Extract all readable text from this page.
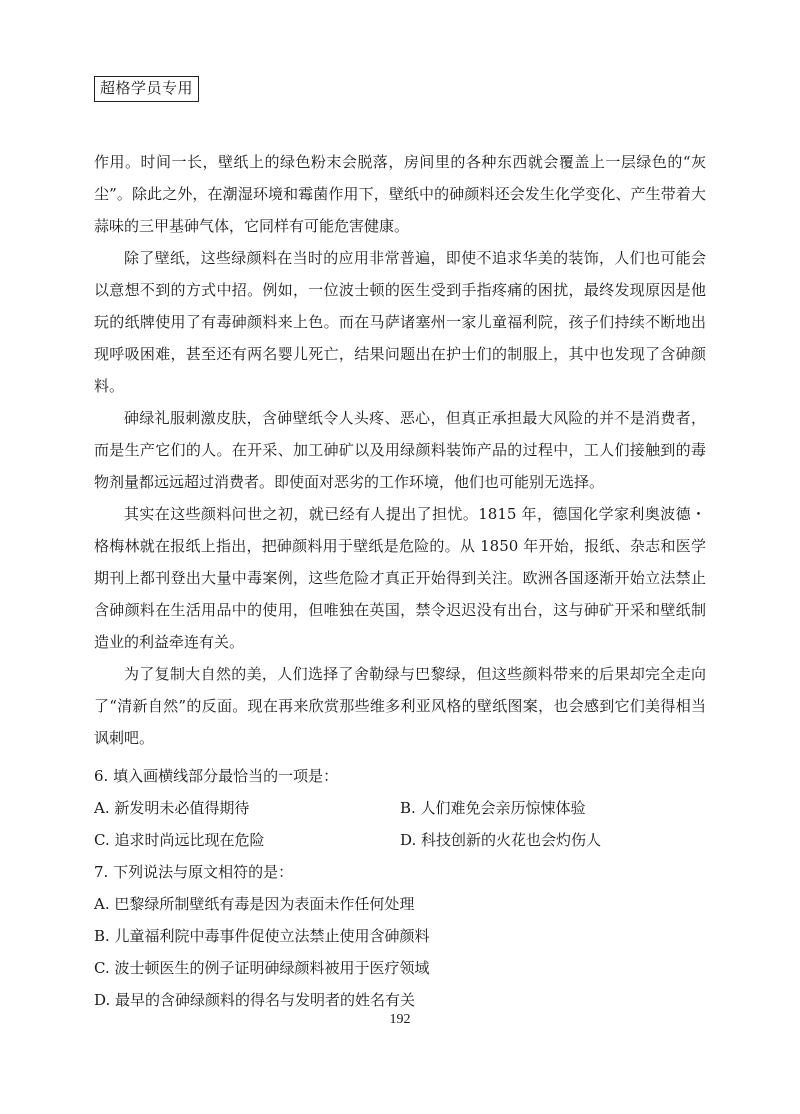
超格学员专用

作用。时间一长，壁纸上的绿色粉末会脱落，房间里的各种东西就会覆盖上一层绿色的“灰尘”。除此之外，在潮湿环境和霉菌作用下，壁纸中的砷颜料还会发生化学变化、产生带着大蒜味的三甲基砷气体，它同样有可能危害健康。

除了壁纸，这些绿颜料在当时的应用非常普遍，即使不追求华美的装饰，人们也可能会以意想不到的方式中招。例如，一位波士顿的医生受到手指疼痛的困扰，最终发现原因是他玩的纸牌使用了有毒砷颜料来上色。而在马萨诸塞州一家儿童福利院，孩子们持续不断地出现呼吸困难，甚至还有两名婴儿死亡，结果问题出在护士们的制服上，其中也发现了含砷颜料。

砷绿礼服刺激皮肤，含砷壁纸令人头疼、恶心，但真正承担最大风险的并不是消费者，而是生产它们的人。在开采、加工砷矿以及用绿颜料装饰产品的过程中，工人们接触到的毒物剂量都远远超过消费者。即使面对恶劣的工作环境，他们也可能别无选择。

其实在这些颜料问世之初，就已经有人提出了担忧。1815 年，德国化学家利奥波德・格梅林就在报纸上指出，把砷颜料用于壁纸是危险的。从 1850 年开始，报纸、杂志和医学期刊上都刊登出大量中毒案例，这些危险才真正开始得到关注。欧洲各国逐渐开始立法禁止含砷颜料在生活用品中的使用，但唯独在英国，禁令迟迟没有出台，这与砷矿开采和壁纸制造业的利益牵连有关。

为了复制大自然的美，人们选择了舍勒绿与巴黎绿，但这些颜料带来的后果却完全走向了“清新自然”的反面。现在再来欣赏那些维多利亚风格的壁纸图案，也会感到它们美得相当讽刺吧。

6. 填入画横线部分最恰当的一项是：

A. 新发明未必值得期待	B. 人们难免会亲历惊悚体验
C. 追求时尚远比现在危险	D. 科技创新的火花也会灼伤人

7. 下列说法与原文相符的是：

A. 巴黎绿所制壁纸有毒是因为表面未作任何处理

B. 儿童福利院中毒事件促使立法禁止使用含砷颜料

C. 波士顿医生的例子证明砷绿颜料被用于医疗领域

D. 最早的含砷绿颜料的得名与发明者的姓名有关

192
